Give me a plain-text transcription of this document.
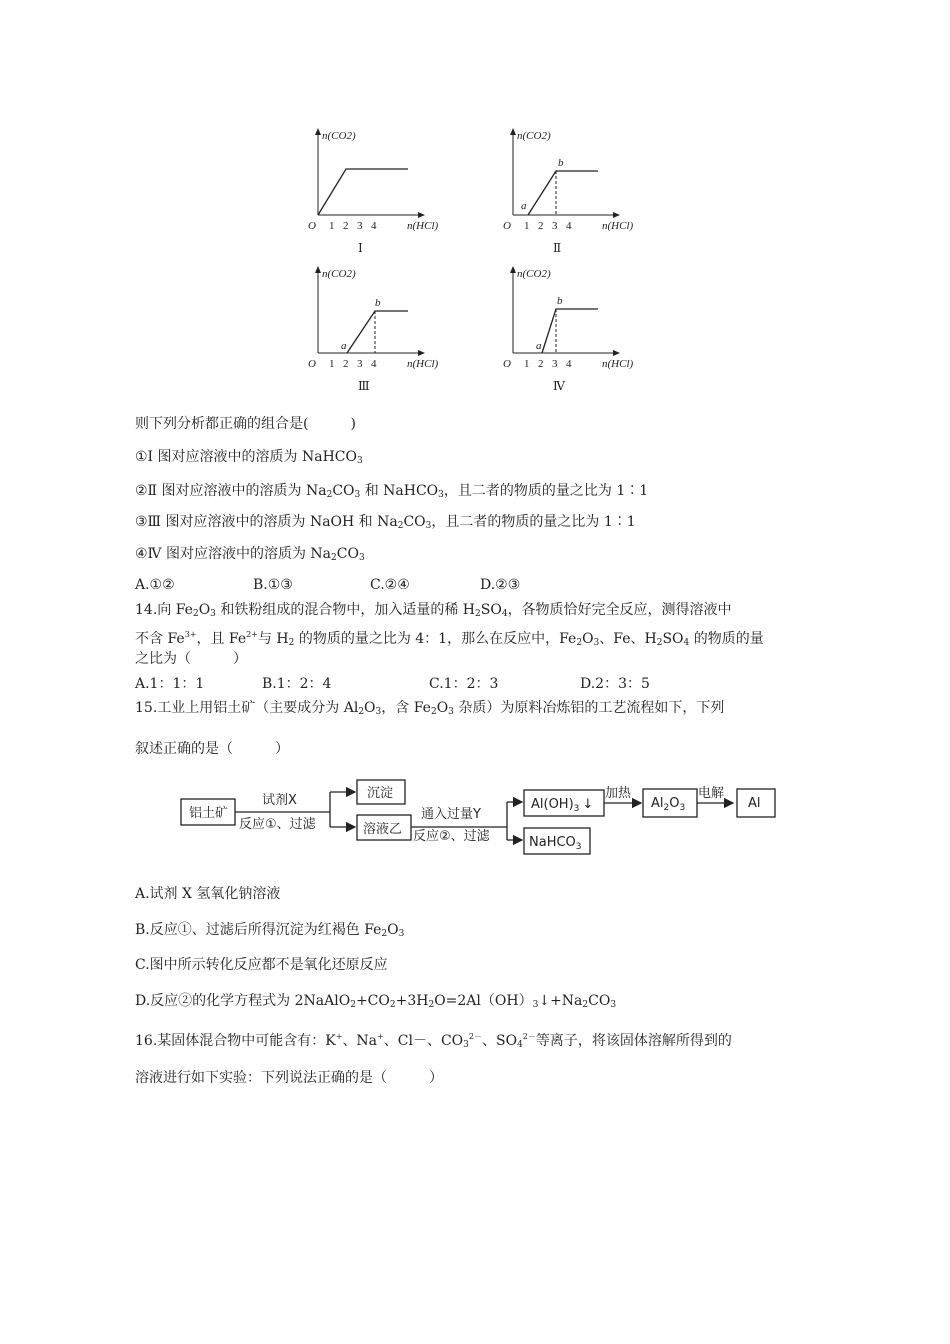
n(CO2)
O 1 2 3 4	n(HCl)
Ⅰ
n(CO2)
O 1 2 3 4	n(HCl)
a
b
Ⅱ
n(CO2)
O 1 2 3 4	n(HCl)
a
b
Ⅲ
n(CO2)
O 1 2 3 4	n(HCl)
a
b
Ⅳ
则下列分析都正确的组合是(　　　)
①Ⅰ 图对应溶液中的溶质为 NaHCO$_3$
②Ⅱ 图对应溶液中的溶质为 $Na_2CO_3$ 和 NaHCO$_3$，且二者的物质的量之比为 1∶1
③Ⅲ 图对应溶液中的溶质为 NaOH 和 $Na_2CO_3$，且二者的物质的量之比为 1∶1
④Ⅳ 图对应溶液中的溶质为 $Na_2CO_3$
A.①②	B.①③	C.②④	D.②③
14.向 $Fe_2O_3$ 和铁粉组成的混合物中，加入适量的稀 $H_2SO_4$，各物质恰好完全反应，测得溶液中
不含 $Fe^{3+}$，且 $Fe^{2+}$与 $H_2$ 的物质的量之比为 4：1，那么在反应中，$Fe_2O_3$、Fe、$H_2SO_4$ 的物质的量
之比为（　　　）
A.1：1：1	B.1：2：4	C.1：2：3	D.2：3：5
15.工业上用铝土矿（主要成分为 $Al_2O_3$，含 $Fe_2O_3$ 杂质）为原料冶炼铝的工艺流程如下，下列
叙述正确的是（　　　）
铝土矿
试剂X
反应①、过滤
沉淀
溶液乙
通入过量Y
反应②、过滤
$Al(OH)_3$ ↓
NaHCO$_3$
加热
$Al_2O_3$
电解
Al
A.试剂 X 氢氧化钠溶液
B.反应①、过滤后所得沉淀为红褐色 $Fe_2O_3$
C.图中所示转化反应都不是氧化还原反应
D.反应②的化学方程式为 $2NaAlO_2+CO_2+3H_2O=2Al(OH)_3↓+Na_2CO_3$
16.某固体混合物中可能含有：K+、Na+、Cl－、$CO_3^{2-}$、$SO_4^{2-}$等离子，将该固体溶解所得到的
溶液进行如下实验：下列说法正确的是（　　　）
